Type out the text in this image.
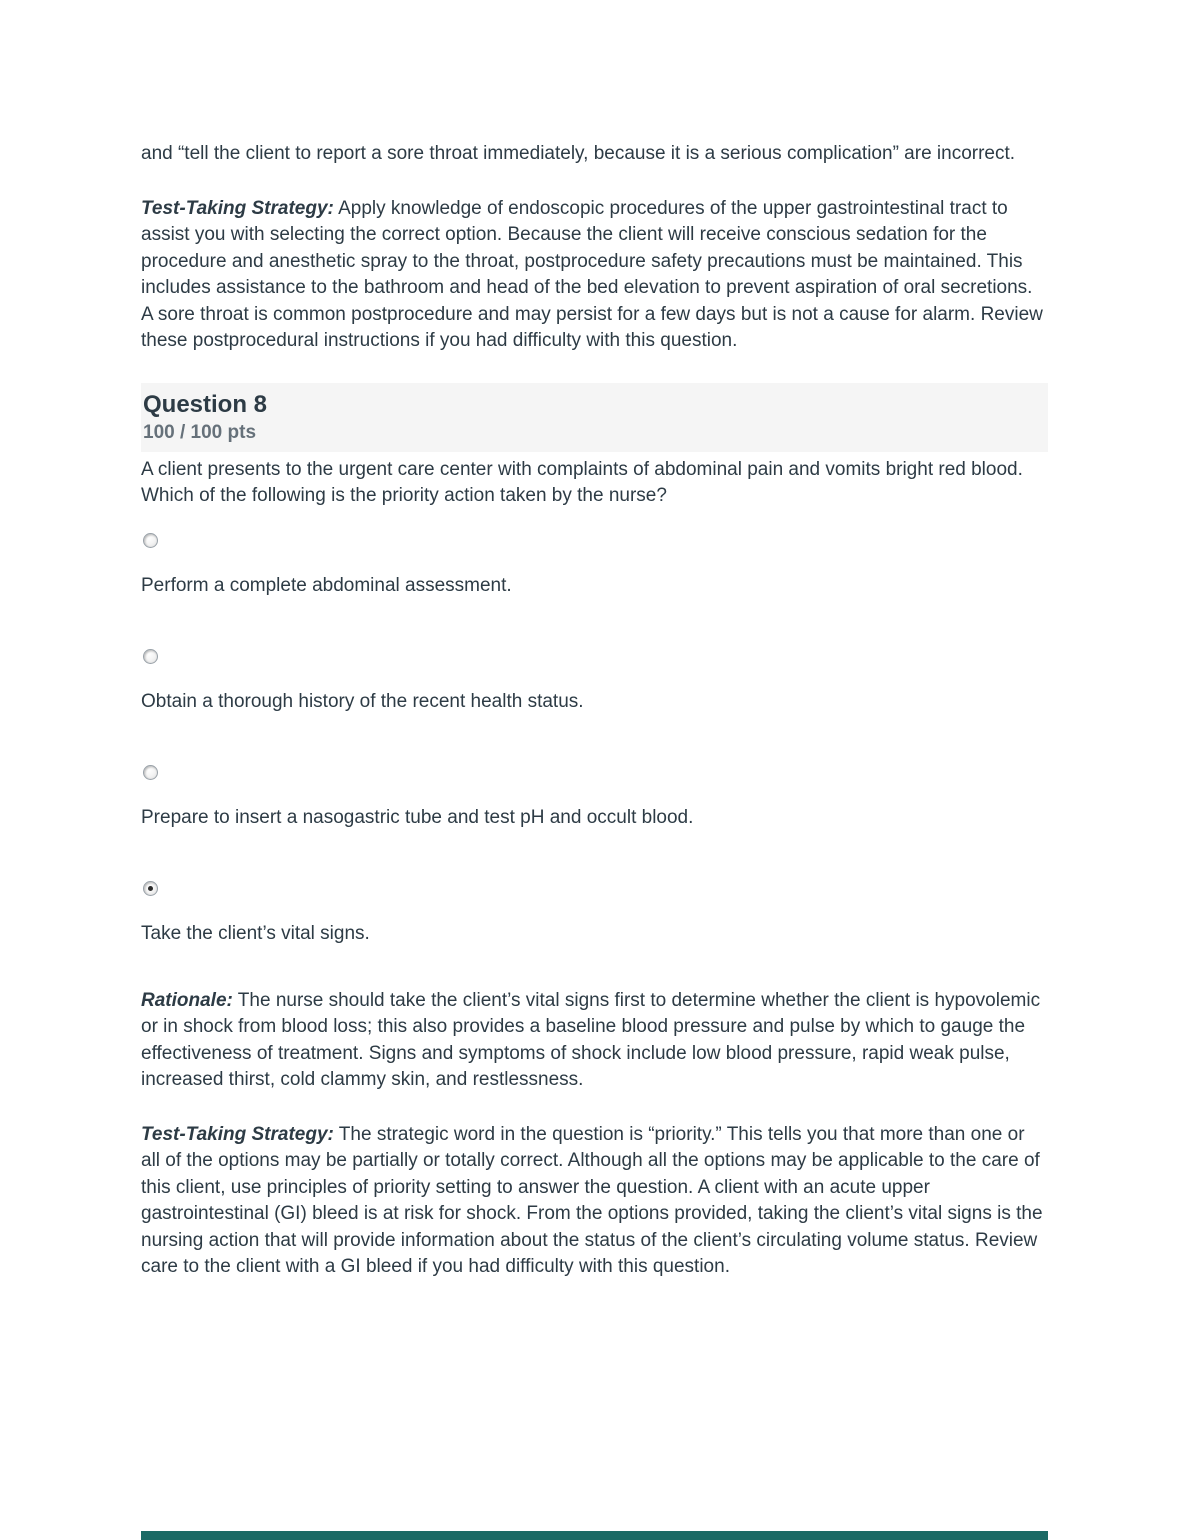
and “tell the client to report a sore throat immediately, because it is a serious complication” are incorrect.

Test-Taking Strategy: Apply knowledge of endoscopic procedures of the upper gastrointestinal tract to assist you with selecting the correct option. Because the client will receive conscious sedation for the procedure and anesthetic spray to the throat, postprocedure safety precautions must be maintained. This includes assistance to the bathroom and head of the bed elevation to prevent aspiration of oral secretions. A sore throat is common postprocedure and may persist for a few days but is not a cause for alarm. Review these postprocedural instructions if you had difficulty with this question.

Question 8
100 / 100 pts

A client presents to the urgent care center with complaints of abdominal pain and vomits bright red blood. Which of the following is the priority action taken by the nurse?

Perform a complete abdominal assessment.
Obtain a thorough history of the recent health status.
Prepare to insert a nasogastric tube and test pH and occult blood.
Take the client’s vital signs.

Rationale: The nurse should take the client’s vital signs first to determine whether the client is hypovolemic or in shock from blood loss; this also provides a baseline blood pressure and pulse by which to gauge the effectiveness of treatment. Signs and symptoms of shock include low blood pressure, rapid weak pulse, increased thirst, cold clammy skin, and restlessness.

Test-Taking Strategy: The strategic word in the question is “priority.” This tells you that more than one or all of the options may be partially or totally correct. Although all the options may be applicable to the care of this client, use principles of priority setting to answer the question. A client with an acute upper gastrointestinal (GI) bleed is at risk for shock. From the options provided, taking the client’s vital signs is the nursing action that will provide information about the status of the client’s circulating volume status. Review care to the client with a GI bleed if you had difficulty with this question.
